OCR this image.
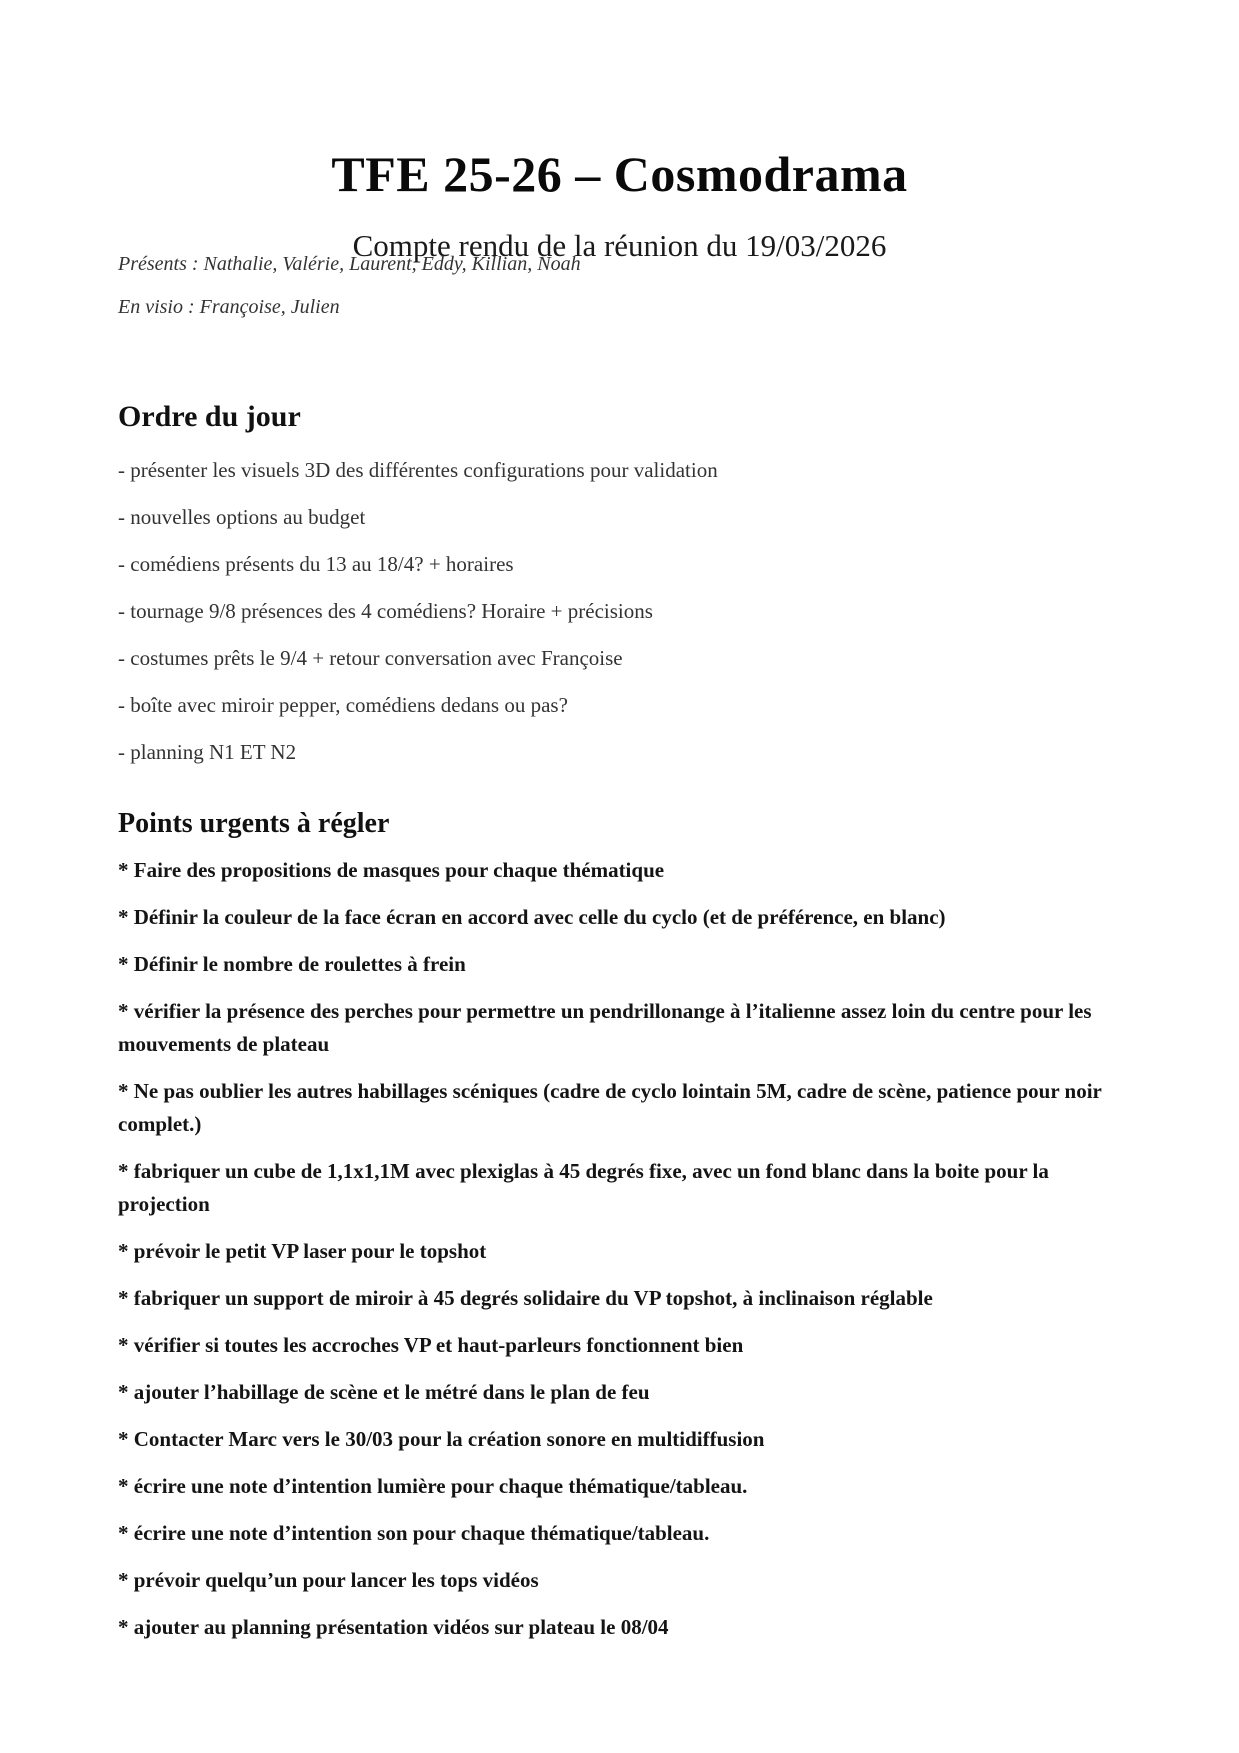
TFE 25-26 – Cosmodrama
Compte rendu de la réunion du 19/03/2026
Présents : Nathalie, Valérie, Laurent, Eddy, Killian, Noah
En visio : Françoise, Julien
Ordre du jour
- présenter les visuels 3D des différentes configurations pour validation
- nouvelles options au budget
- comédiens présents du 13 au 18/4? + horaires
- tournage 9/8 présences des 4 comédiens? Horaire + précisions
- costumes prêts le 9/4 + retour conversation avec Françoise
- boîte avec miroir pepper, comédiens dedans ou pas?
- planning N1 ET N2
Points urgents à régler
* Faire des propositions de masques pour chaque thématique
* Définir la couleur de la face écran en accord avec celle du cyclo (et de préférence, en blanc)
* Définir le nombre de roulettes à frein
* vérifier la présence des perches pour permettre un pendrillonange à l’italienne assez loin du centre pour les mouvements de plateau
* Ne pas oublier les autres habillages scéniques (cadre de cyclo lointain 5M, cadre de scène, patience pour noir complet.)
* fabriquer un cube de 1,1x1,1M avec plexiglas à 45 degrés fixe, avec un fond blanc dans la boite pour la projection
* prévoir le petit VP laser pour le topshot
* fabriquer un support de miroir à 45 degrés solidaire du VP topshot, à inclinaison réglable
* vérifier si toutes les accroches VP et haut-parleurs fonctionnent bien
* ajouter l’habillage de scène et le métré dans le plan de feu
* Contacter Marc vers le 30/03 pour la création sonore en multidiffusion
* écrire une note d’intention lumière pour chaque thématique/tableau.
* écrire une note d’intention son pour chaque thématique/tableau.
* prévoir quelqu’un pour lancer les tops vidéos
* ajouter au planning présentation vidéos sur plateau le 08/04
